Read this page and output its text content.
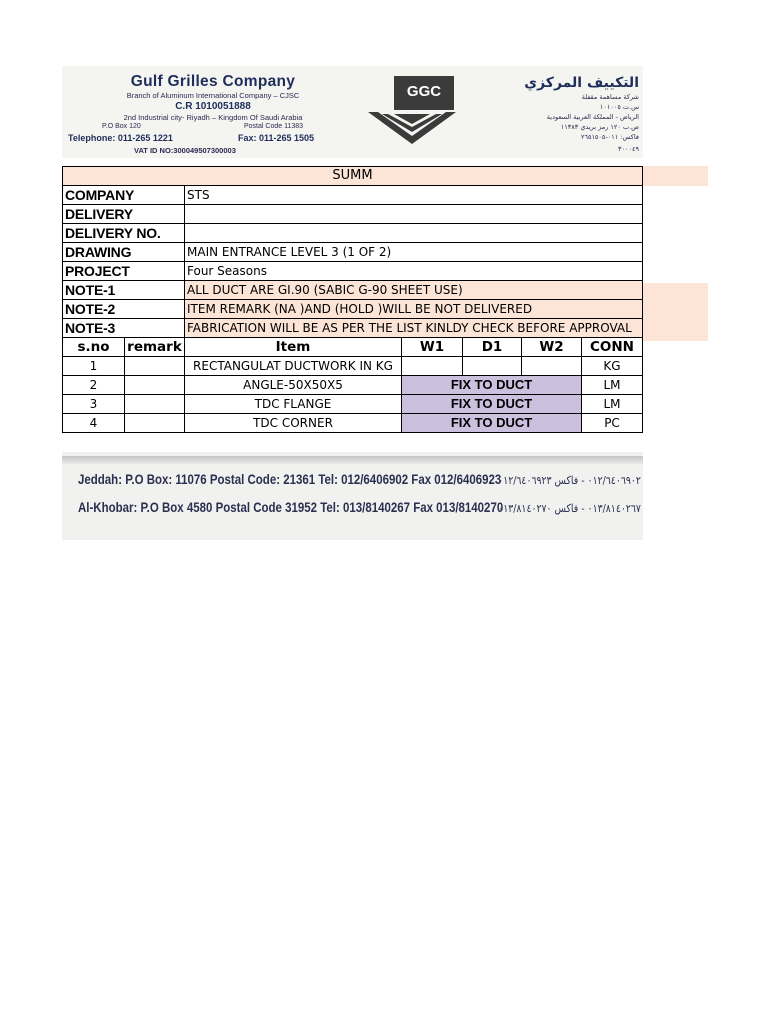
Gulf Grilles Company
Branch of Aluminum International Company – CJSC
C.R 1010051888
2nd Industrial city- Riyadh – Kingdom Of Saudi Arabia
P.O Box 120	Postal Code 11383
Telephone: 011-265 1221	Fax: 011-265 1505
VAT ID NO:300049507300003
GGC	التكييف المركزي
شركة مساهمة مقفلة
س.ت ١٠١٠٠٥
الرياض - المملكة العربية السعودية
ص.ب ١٢٠ رمز بريدي ١١٣٨٣
فاكس: ٠١١-٢٦٥١٥٠٥
٣٠٠٠٤٩
SUMM						
COMPANY		STS				
DELIVERY						
DELIVERY NO.						
DRAWING		MAIN ENTRANCE LEVEL 3 (1 OF 2)				
PROJECT		Four Seasons				
NOTE-1		ALL DUCT ARE GI.90 (SABIC G-90 SHEET USE)				
NOTE-2		ITEM REMARK (NA )AND (HOLD )WILL BE NOT DELIVERED				
NOTE-3		FABRICATION WILL BE AS PER THE LIST KINLDY CHECK BEFORE APPROVAL				
s.no	remark	Item	W1	D1	W2	CONN
1		RECTANGULAT DUCTWORK IN KG				KG
2		ANGLE-50X50X5	FIX TO DUCT			LM
3		TDC FLANGE	FIX TO DUCT			LM
4		TDC CORNER	FIX TO DUCT			PC
Jeddah: P.O Box: 11076 Postal Code: 21361 Tel: 012/6406902 Fax 012/6406923
Al-Khobar: P.O Box 4580 Postal Code 31952 Tel: 013/8140267 Fax 013/8140270
٠١٢/٦٤٠٦٩٠٢ - فاكس ٠١٢/٦٤٠٦٩٢٣
٠١٣/٨١٤٠٢٦٧ - فاكس ٠١٣/٨١٤٠٢٧٠
